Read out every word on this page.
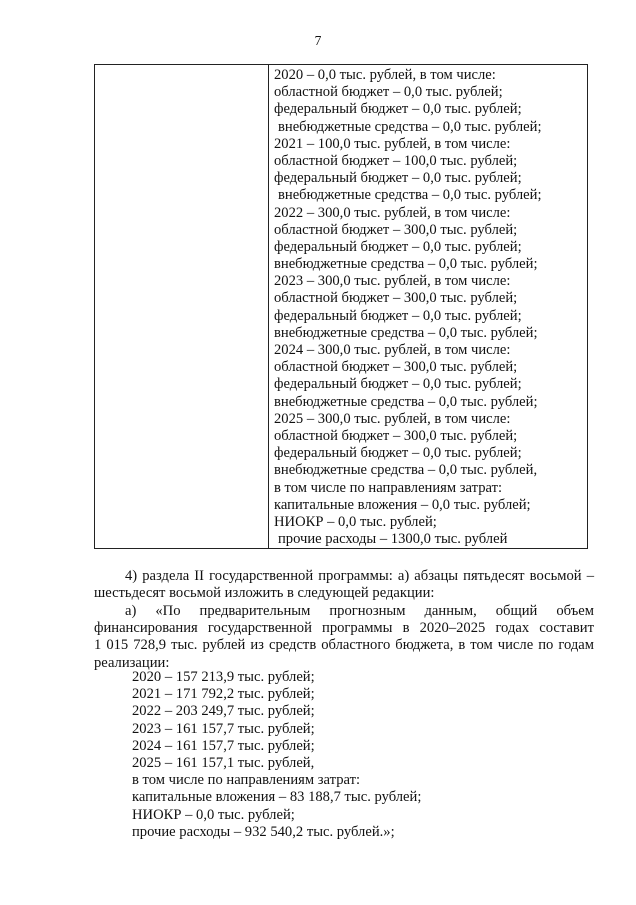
7
2020 – 0,0 тыс. рублей, в том числе:
областной бюджет – 0,0 тыс. рублей;
федеральный бюджет – 0,0 тыс. рублей;
внебюджетные средства – 0,0 тыс. рублей;
2021 – 100,0 тыс. рублей, в том числе:
областной бюджет – 100,0 тыс. рублей;
федеральный бюджет – 0,0 тыс. рублей;
внебюджетные средства – 0,0 тыс. рублей;
2022 – 300,0 тыс. рублей, в том числе:
областной бюджет – 300,0 тыс. рублей;
федеральный бюджет – 0,0 тыс. рублей;
внебюджетные средства – 0,0 тыс. рублей;
2023 – 300,0 тыс. рублей, в том числе:
областной бюджет – 300,0 тыс. рублей;
федеральный бюджет – 0,0 тыс. рублей;
внебюджетные средства – 0,0 тыс. рублей;
2024 – 300,0 тыс. рублей, в том числе:
областной бюджет – 300,0 тыс. рублей;
федеральный бюджет – 0,0 тыс. рублей;
внебюджетные средства – 0,0 тыс. рублей;
2025 – 300,0 тыс. рублей, в том числе:
областной бюджет – 300,0 тыс. рублей;
федеральный бюджет – 0,0 тыс. рублей;
внебюджетные средства – 0,0 тыс. рублей,
в том числе по направлениям затрат:
капитальные вложения – 0,0 тыс. рублей;
НИОКР – 0,0 тыс. рублей;
прочие расходы – 1300,0 тыс. рублей
4) раздела II государственной программы: а) абзацы пятьдесят восьмой –
шестьдесят восьмой изложить в следующей редакции:
а) «По предварительным прогнозным данным, общий объем
финансирования государственной программы в 2020–2025 годах составит
1 015 728,9 тыс. рублей из средств областного бюджета, в том числе по годам
реализации:
2020 – 157 213,9 тыс. рублей;
2021 – 171 792,2 тыс. рублей;
2022 – 203 249,7 тыс. рублей;
2023 – 161 157,7 тыс. рублей;
2024 – 161 157,7 тыс. рублей;
2025 – 161 157,1 тыс. рублей,
в том числе по направлениям затрат:
капитальные вложения – 83 188,7 тыс. рублей;
НИОКР – 0,0 тыс. рублей;
прочие расходы – 932 540,2 тыс. рублей.»;
